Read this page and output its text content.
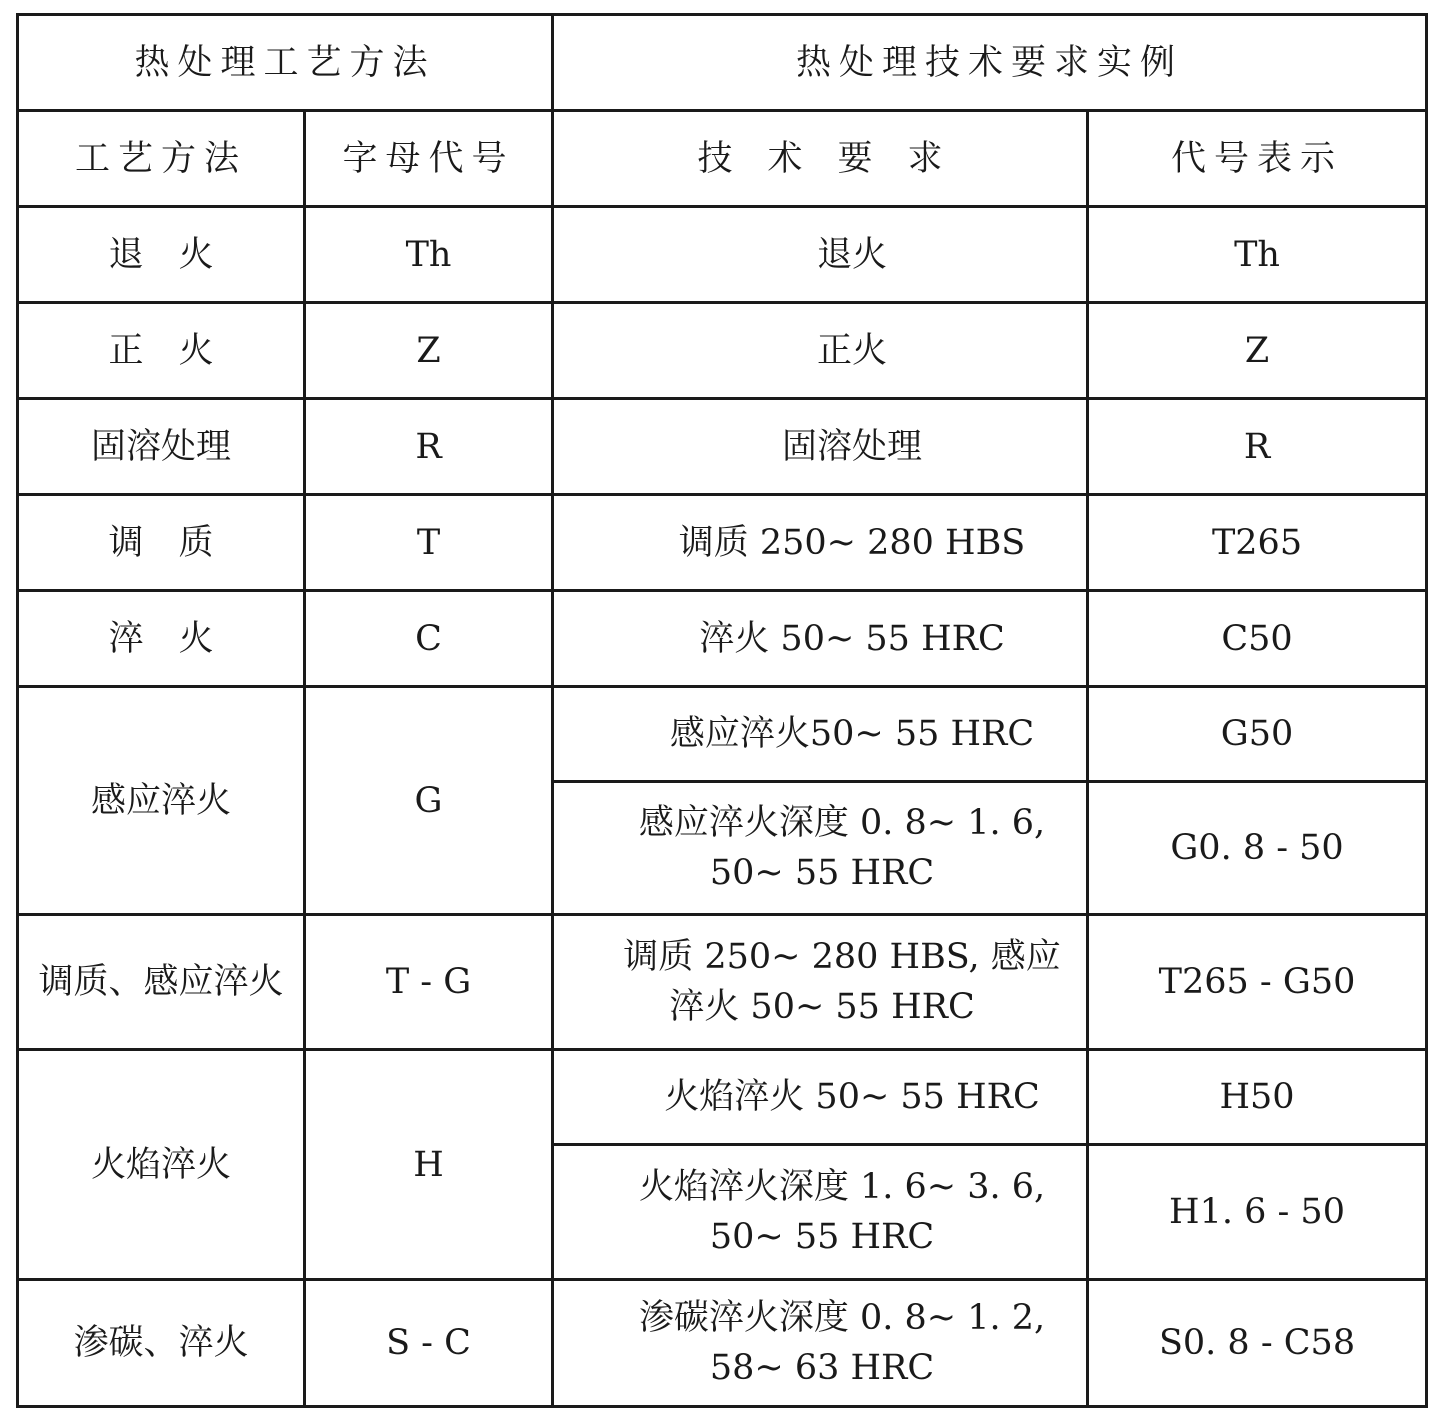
热处理工艺方法		热处理技术要求实例	
工艺方法	字母代号	技　术　要　求	代号表示
退　火	Th	退火	Th
正　火	Z	正火	Z
固溶处理	R	固溶处理	R
调　质	T	调质 250~ 280 HBS	T265
淬　火	C	淬火 50~ 55 HRC	C50
感应淬火	G	感应淬火50~ 55 HRC	G50
		感应淬火深度 0. 8~ 1. 6, 50~ 55 HRC	G0. 8 - 50
调质、感应淬火	T - G	调质 250~ 280 HBS, 感应淬火 50~ 55 HRC	T265 - G50
火焰淬火	H	火焰淬火 50~ 55 HRC	H50
		火焰淬火深度 1. 6~ 3. 6, 50~ 55 HRC	H1. 6 - 50
渗碳、淬火	S - C	渗碳淬火深度 0. 8~ 1. 2, 58~ 63 HRC	S0. 8 - C58
